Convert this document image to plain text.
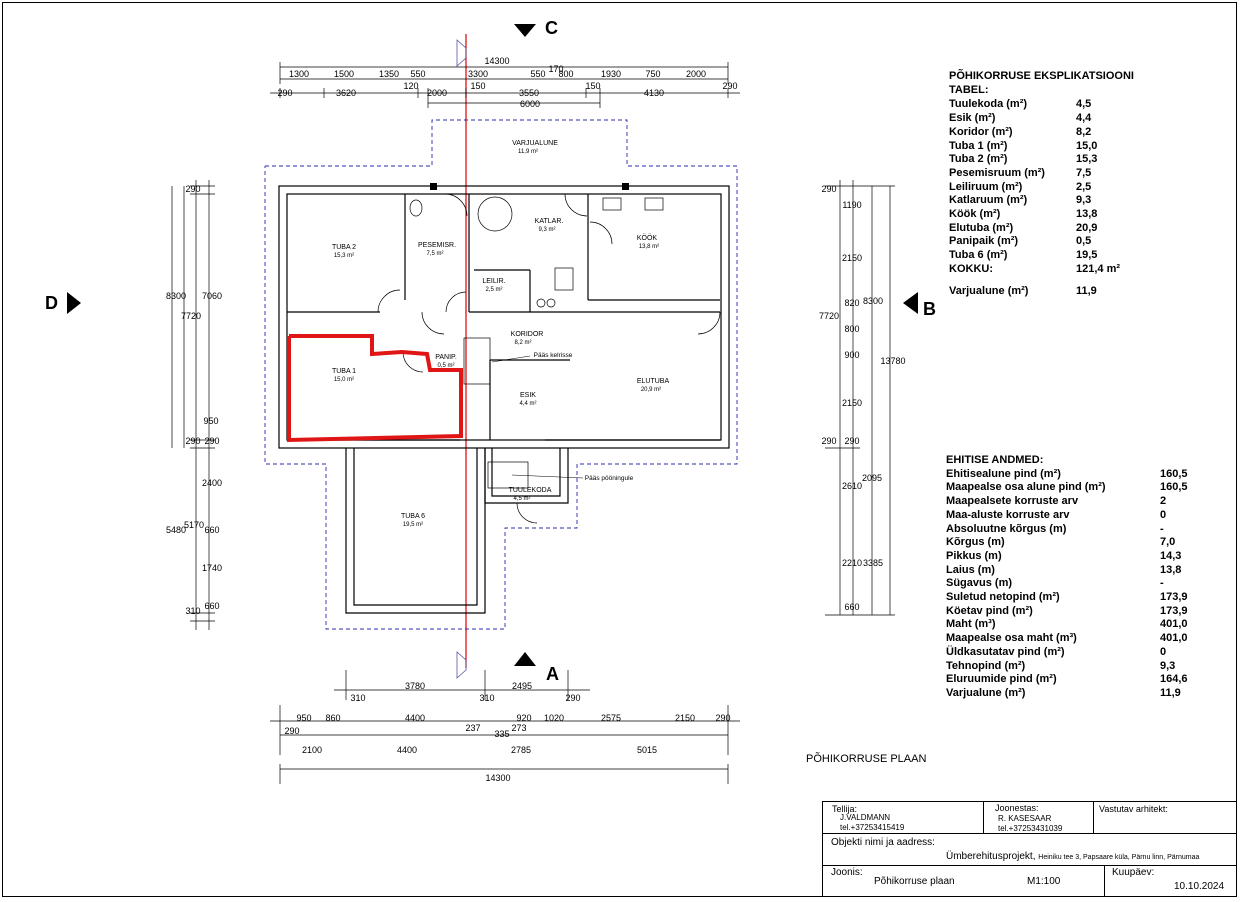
C
A
B
D
14300
1300	1500	1350 550	3300	170
550 800	1930	750	2000
290	3620
120
2000
150
3550
150
4130
290
6000
VARJUALUNE
11,9 m²
TUBA 2
15,3 m²
PESEMISR.
7,5 m²
KATLAR.
9,3 m²
KÖÖK
13,8 m²
LEILIR.
2,5 m²
KORIDOR
8,2 m²
PANIP.
0,5 m²
TUBA 1
15,0 m²
ESIK
4,4 m²
ELUTUBA
20,9 m²
TUULEKODA
4,5 m²
TUBA 6
19,5 m²
Pääs kelrisse
Pääs pööningule
290
8300 7060
7720
950
290 290
2400
5480
5170 660
1740
660
310
290
1190
2150
820 8300
7720
800
900
13780
2150
290 290
2610
2095
2210 3385
660
3780	2495
310	310	290
950 860	4400
237	273
920 1020	2575	2150 290
290	335
2100	4400	2785	5015
14300
PÕHIKORRUSE EKSPLIKATSIOONI TABEL:
Tuulekoda (m²)	4,5
Esik (m²)	4,4
Koridor (m²)	8,2
Tuba 1 (m²)	15,0
Tuba 2 (m²)	15,3
Pesemisruum (m²)	7,5
Leiliruum (m²)	2,5
Katlaruum (m²)	9,3
Köök (m²)	13,8
Elutuba (m²)	20,9
Panipaik (m²)	0,5
Tuba 6 (m²)	19,5
KOKKU:	121,4 m²
Varjualune (m²)	11,9
EHITISE ANDMED:
Ehitisealune pind (m²)	160,5
Maapealse osa alune pind (m²)	160,5
Maapealsete korruste arv	2
Maa-aluste korruste arv	0
Absoluutne kõrgus (m)	-
Kõrgus (m)	7,0
Pikkus (m)	14,3
Laius (m)	13,8
Sügavus (m)	-
Suletud netopind (m²)	173,9
Köetav pind (m²)	173,9
Maht (m³)	401,0
Maapealse osa maht (m³)	401,0
Üldkasutatav pind (m²)	0
Tehnopind (m²)	9,3
Eluruumide pind (m²)	164,6
Varjualune (m²)	11,9
PÕHIKORRUSE PLAAN
Tellija:
J.VALDMANN
tel.+37253415419
Joonestas:
R. KASESAAR
tel.+37253431039
Vastutav arhitekt:
Objekti nimi ja aadress:
Ümberehitusprojekt, Heiniku tee 3, Papsaare küla, Pärnu linn, Pärnumaa
Joonis:
Põhikorruse plaan	M1:100
Kuupäev:
10.10.2024
